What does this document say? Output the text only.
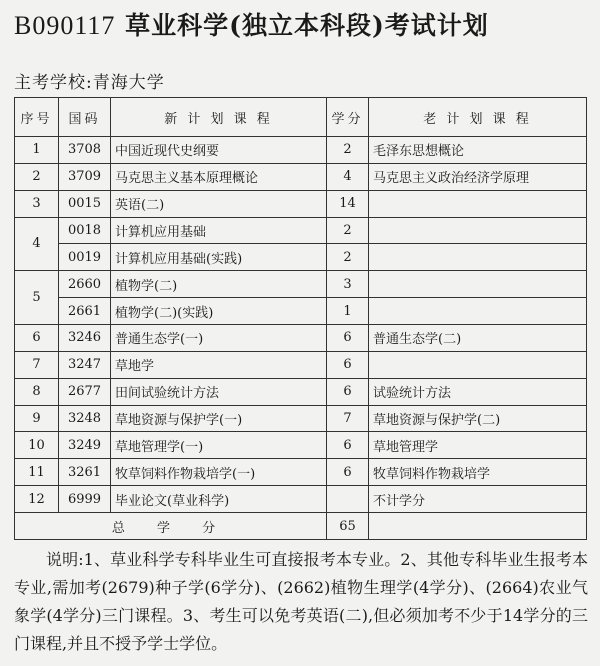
B090117 草业科学(独立本科段)考试计划
主考学校:青海大学
序号	国码	新 计 划 课 程	学分	老 计 划 课 程
1	3708	中国近现代史纲要	2	毛泽东思想概论
2	3709	马克思主义基本原理概论	4	马克思主义政治经济学原理
3	0015	英语(二)	14	
4	0018	计算机应用基础	2	
	0019	计算机应用基础(实践)	2	
5	2660	植物学(二)	3	
	2661	植物学(二)(实践)	1	
6	3246	普通生态学(一)	6	普通生态学(二)
7	3247	草地学	6	
8	2677	田间试验统计方法	6	试验统计方法
9	3248	草地资源与保护学(一)	7	草地资源与保护学(二)
10	3249	草地管理学(一)	6	草地管理学
11	3261	牧草饲料作物栽培学(一)	6	牧草饲料作物栽培学
12	6999	毕业论文(草业科学)		不计学分
总 学 分			65	
说明:1、草业科学专科毕业生可直接报考本专业。2、其他专科毕业生报考本专业,需加考(2679)种子学(6学分)、(2662)植物生理学(4学分)、(2664)农业气象学(4学分)三门课程。3、考生可以免考英语(二),但必须加考不少于14学分的三门课程,并且不授予学士学位。
